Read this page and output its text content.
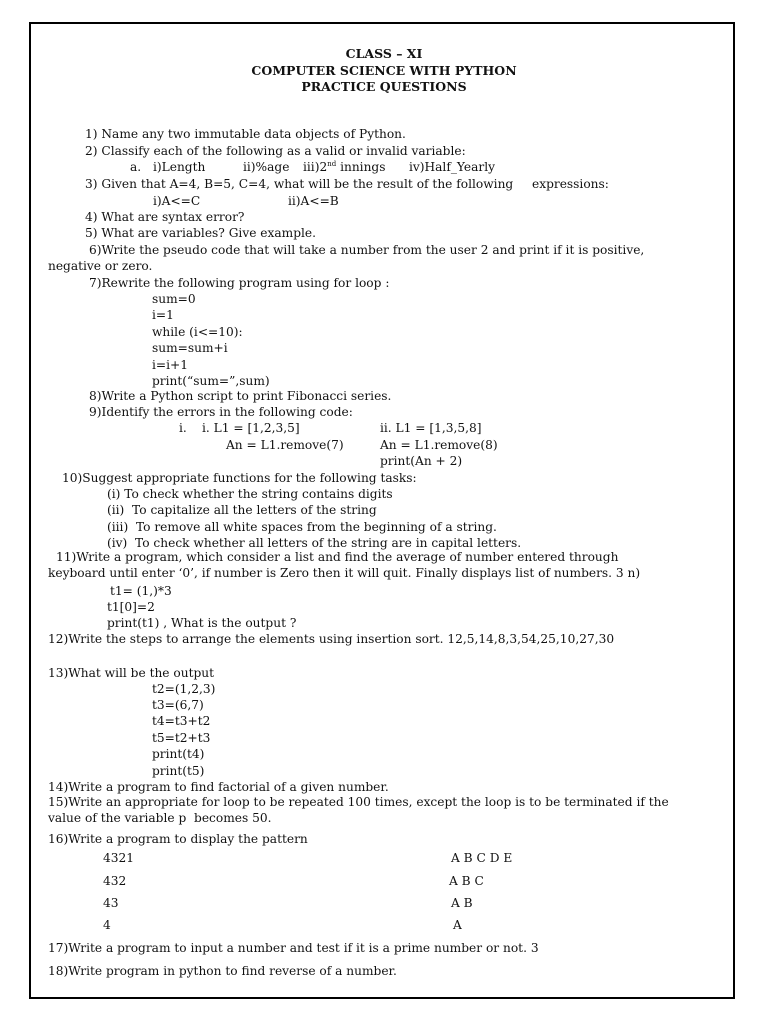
CLASS – XI
COMPUTER SCIENCE WITH PYTHON
PRACTICE QUESTIONS
1) Name any two immutable data objects of Python.
2) Classify each of the following as a valid or invalid variable:
a. i)Length	ii)%age iii)2nd innings iv)Half_Yearly
3) Given that A=4, B=5, C=4, what will be the result of the following expressions:
i)A<=C	ii)A<=B
4) What are syntax error?
5) What are variables? Give example.
6)Write the pseudo code that will take a number from the user 2 and print if it is positive,
negative or zero.
7)Rewrite the following program using for loop :
sum=0
i=1
while (i<=10):
sum=sum+i
i=i+1
print(“sum=”,sum)
8)Write a Python script to print Fibonacci series.
9)Identify the errors in the following code:
i. i. L1 = [1,2,3,5]
An = L1.remove(7)
ii. L1 = [1,3,5,8]
An = L1.remove(8)
print(An + 2)
10)Suggest appropriate functions for the following tasks:
(i) To check whether the string contains digits
(ii)  To capitalize all the letters of the string
(iii)  To remove all white spaces from the beginning of a string.
(iv)  To check whether all letters of the string are in capital letters.
11)Write a program, which consider a list and find the average of number entered through
keyboard until enter ‘0’, if number is Zero then it will quit. Finally displays list of numbers. 3 n)
t1= (1,)*3
t1[0]=2
print(t1) , What is the output ?
12)Write the steps to arrange the elements using insertion sort. 12,5,14,8,3,54,25,10,27,30
13)What will be the output
t2=(1,2,3)
t3=(6,7)
t4=t3+t2
t5=t2+t3
print(t4)
print(t5)
14)Write a program to find factorial of a given number.
15)Write an appropriate for loop to be repeated 100 times, except the loop is to be terminated if the
value of the variable p  becomes 50.
16)Write a program to display the pattern
4321
432
43
4
A B C D E
A B C
A B
A
17)Write a program to input a number and test if it is a prime number or not. 3
18)Write program in python to find reverse of a number.
